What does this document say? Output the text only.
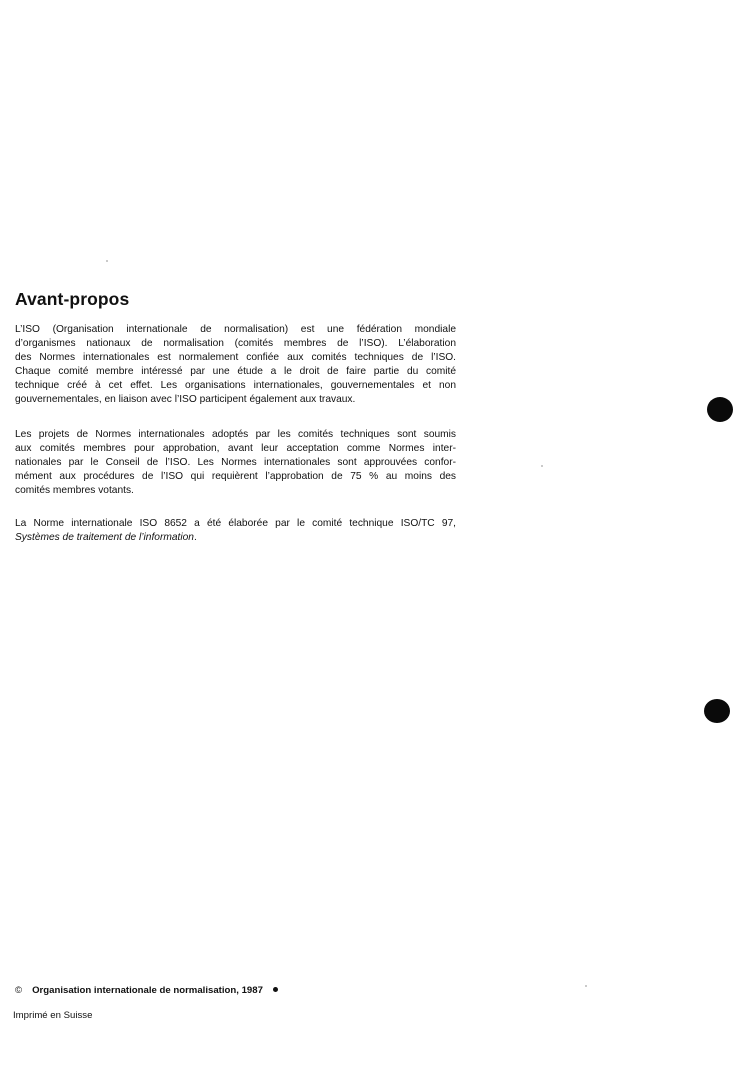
Avant-propos
L’ISO (Organisation internationale de normalisation) est une fédération mondiale
d’organismes nationaux de normalisation (comités membres de l’ISO). L’élaboration
des Normes internationales est normalement confiée aux comités techniques de l’ISO.
Chaque comité membre intéressé par une étude a le droit de faire partie du comité
technique créé à cet effet. Les organisations internationales, gouvernementales et non
gouvernementales, en liaison avec l’ISO participent également aux travaux.
Les projets de Normes internationales adoptés par les comités techniques sont soumis
aux comités membres pour approbation, avant leur acceptation comme Normes inter-
nationales par le Conseil de l’ISO. Les Normes internationales sont approuvées confor-
mément aux procédures de l’ISO qui requièrent l’approbation de 75 % au moins des
comités membres votants.
La Norme internationale ISO 8652 a été élaborée par le comité technique ISO/TC 97,
Systèmes de traitement de l’information.
© Organisation internationale de normalisation, 1987
Imprimé en Suisse
